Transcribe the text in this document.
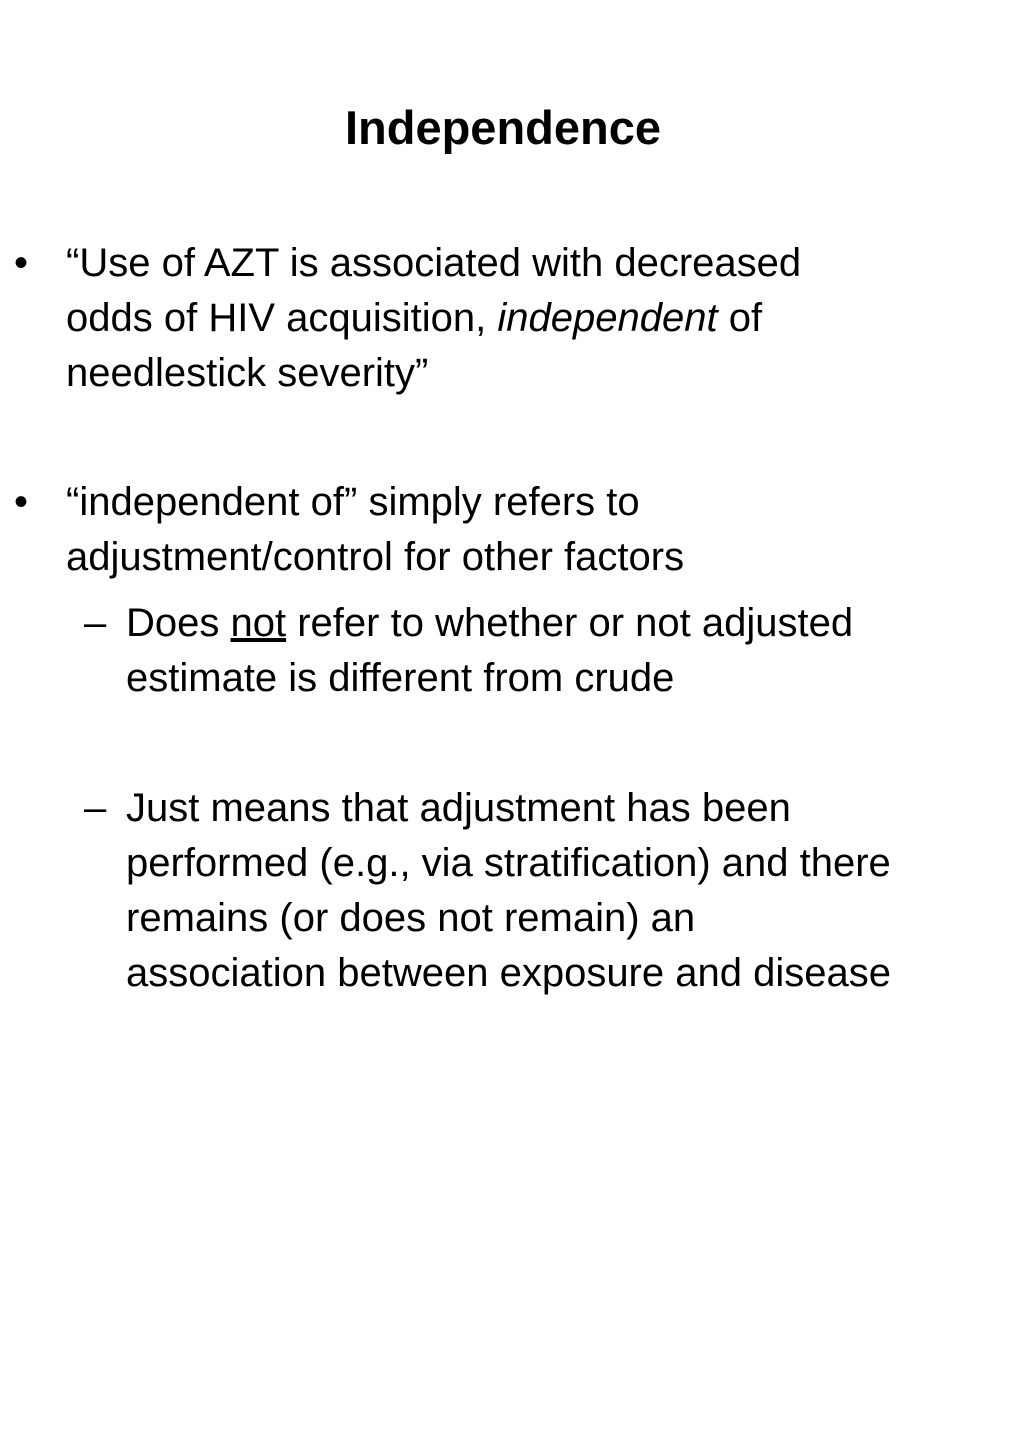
Independence
• “Use of AZT is associated with decreased
odds of HIV acquisition, independent of
needlestick severity”
• “independent of” simply refers to
adjustment/control for other factors
– Does not refer to whether or not adjusted
estimate is different from crude
– Just means that adjustment has been
performed (e.g., via stratification) and there
remains (or does not remain) an
association between exposure and disease
